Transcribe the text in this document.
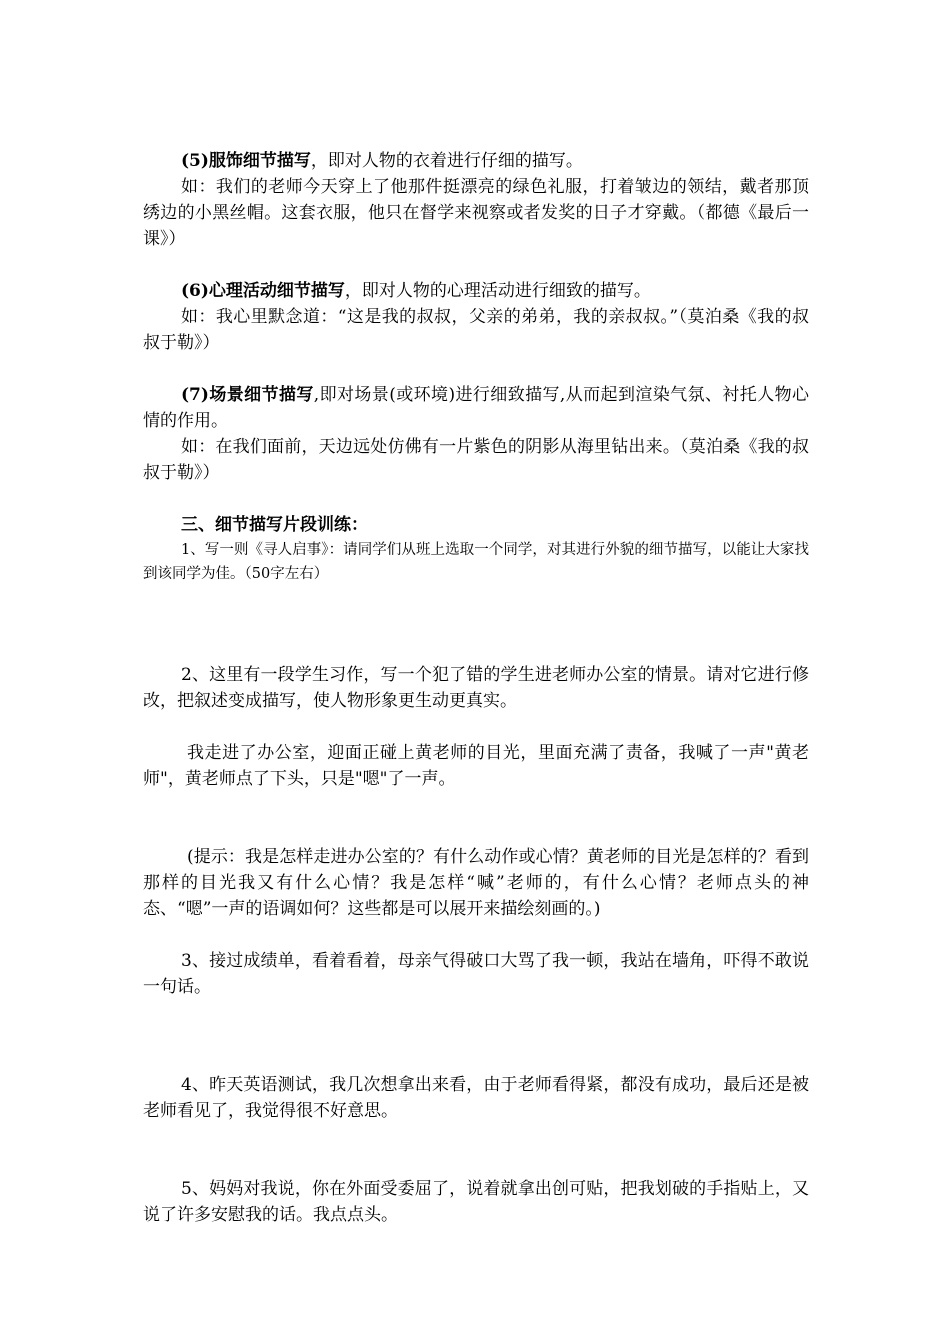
(5)服饰细节描写，即对人物的衣着进行仔细的描写。

如：我们的老师今天穿上了他那件挺漂亮的绿色礼服，打着皱边的领结，戴者那顶绣边的小黑丝帽。这套衣服，他只在督学来视察或者发奖的日子才穿戴。（都德《最后一课》）

(6)心理活动细节描写，即对人物的心理活动进行细致的描写。

如：我心里默念道：“这是我的叔叔，父亲的弟弟，我的亲叔叔。”（莫泊桑《我的叔叔于勒》）

(7)场景细节描写,即对场景(或环境)进行细致描写,从而起到渲染气氛、衬托人物心情的作用。

如：在我们面前，天边远处仿佛有一片紫色的阴影从海里钻出来。（莫泊桑《我的叔叔于勒》）

三、细节描写片段训练：

1、写一则《寻人启事》：请同学们从班上选取一个同学，对其进行外貌的细节描写，以能让大家找到该同学为佳。（50字左右）

2、这里有一段学生习作，写一个犯了错的学生进老师办公室的情景。请对它进行修改，把叙述变成描写，使人物形象更生动更真实。

我走进了办公室，迎面正碰上黄老师的目光，里面充满了责备，我喊了一声"黄老师"，黄老师点了下头，只是"嗯"了一声。

(提示：我是怎样走进办公室的？有什么动作或心情？黄老师的目光是怎样的？看到那样的目光我又有什么心情？我是怎样“喊”老师的，有什么心情？老师点头的神态、“嗯”一声的语调如何？这些都是可以展开来描绘刻画的。)

3、接过成绩单，看着看着，母亲气得破口大骂了我一顿，我站在墙角，吓得不敢说一句话。

4、昨天英语测试，我几次想拿出来看，由于老师看得紧，都没有成功，最后还是被老师看见了，我觉得很不好意思。

5、妈妈对我说，你在外面受委屈了，说着就拿出创可贴，把我划破的手指贴上，又说了许多安慰我的话。我点点头。
